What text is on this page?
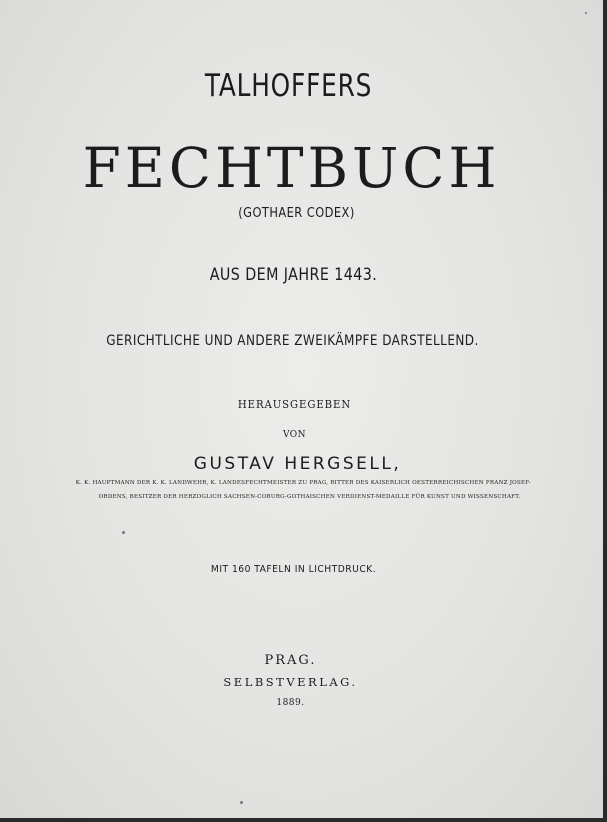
TALHOFFERS
FECHTBUCH
(GOTHAER CODEX)
AUS DEM JAHRE 1443.
GERICHTLICHE UND ANDERE ZWEIKÄMPFE DARSTELLEND.
HERAUSGEGEBEN
VON
GUSTAV HERGSELL,
K. K. HAUPTMANN DER K. K. LANDWEHR, K. LANDESFECHTMEISTER ZU PRAG, RITTER DES KAISERLICH OESTERREICHISCHEN FRANZ JOSEF-
ORDENS, BESITZER DER HERZOGLICH SACHSEN-COBURG-GOTHAISCHEN VERDIENST-MEDAILLE FÜR KUNST UND WISSENSCHAFT.
MIT 160 TAFELN IN LICHTDRUCK.
PRAG.
SELBSTVERLAG.
1889.
